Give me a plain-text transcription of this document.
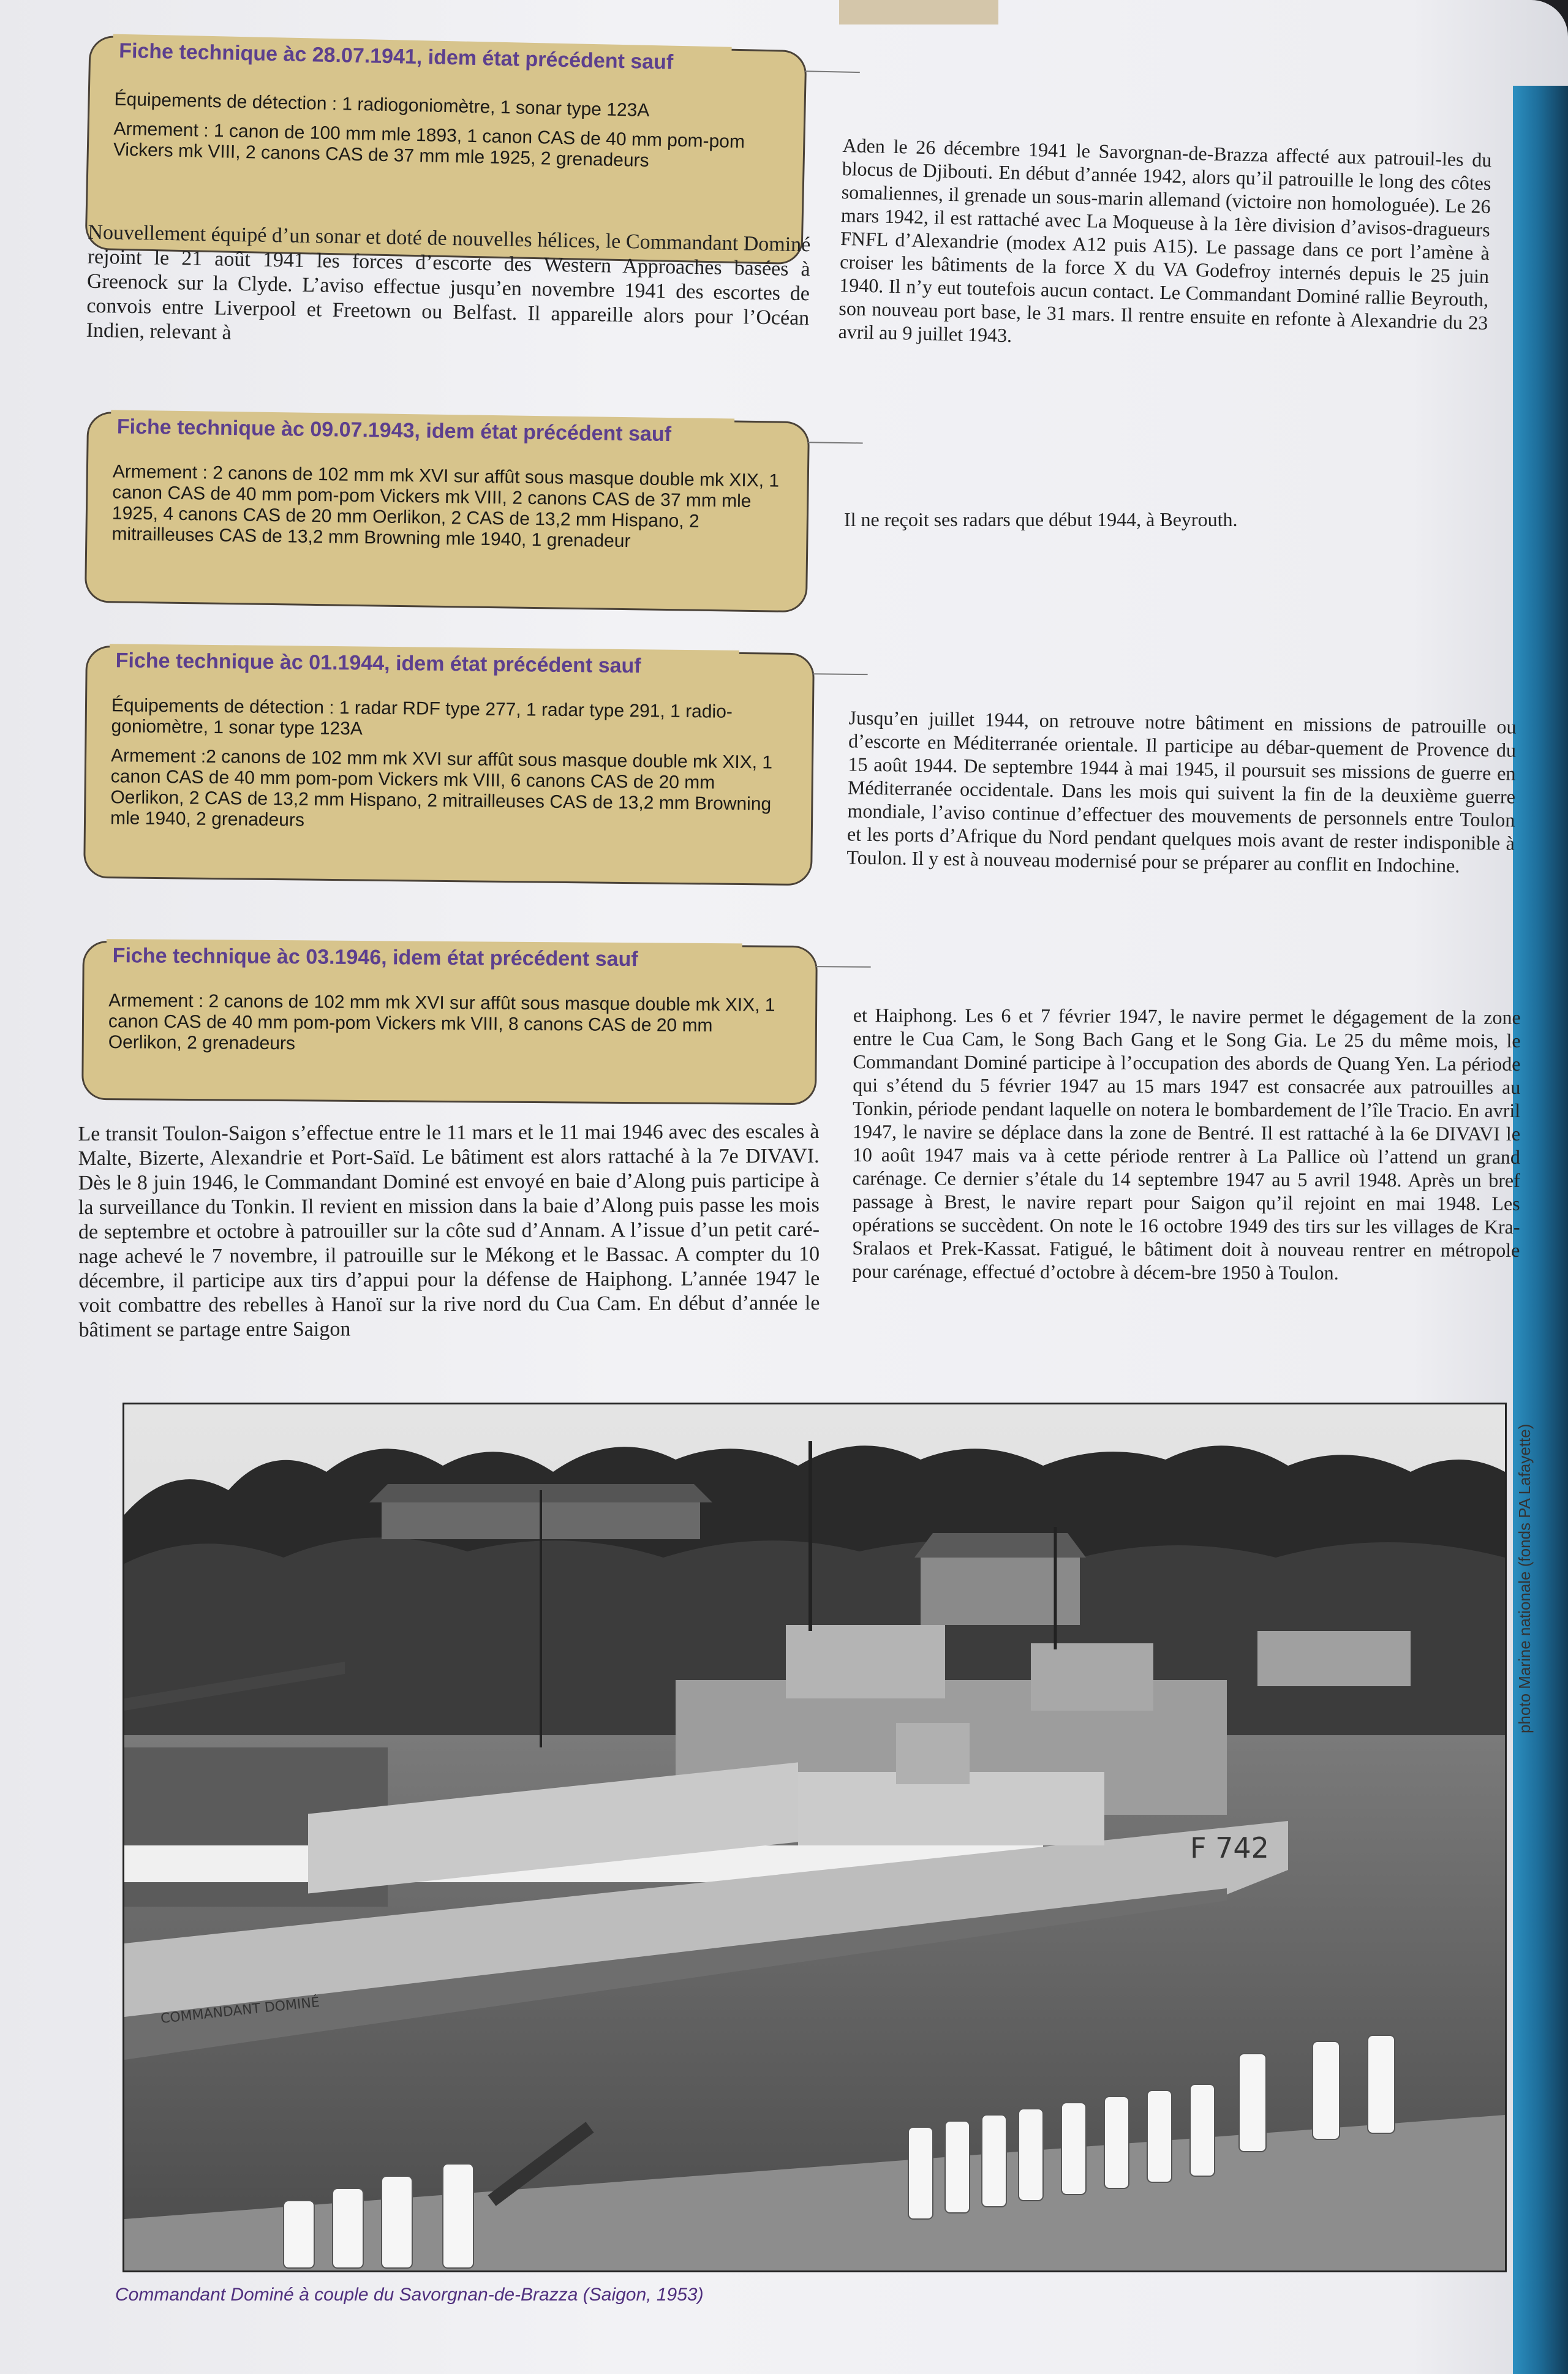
Fiche technique àc 28.07.1941, idem état précédent sauf

Équipements de détection : 1 radiogoniomètre, 1 sonar type 123A

Armement : 1 canon de 100 mm mle 1893, 1 canon CAS de 40 mm pom-pom Vickers mk VIII, 2 canons CAS de 37 mm mle 1925, 2 grenadeurs

Nouvellement équipé d’un sonar et doté de nouvelles hélices, le Commandant Dominé rejoint le 21 août 1941 les forces d’escorte des Western Approaches basées à Greenock sur la Clyde. L’aviso effectue jusqu’en novembre 1941 des escortes de convois entre Liverpool et Freetown ou Belfast. Il appareille alors pour l’Océan Indien, relevant à

Fiche technique àc 09.07.1943, idem état précédent sauf

Armement : 2 canons de 102 mm mk XVI sur affût sous masque double mk XIX, 1 canon CAS de 40 mm pom-pom Vickers mk VIII, 2 canons CAS de 37 mm mle 1925, 4 canons CAS de 20 mm Oerlikon, 2 CAS de 13,2 mm Hispano, 2 mitrailleuses CAS de 13,2 mm Browning mle 1940, 1 grenadeur

Fiche technique àc 01.1944, idem état précédent sauf

Équipements de détection : 1 radar RDF type 277, 1 radar type 291, 1 radio-goniomètre, 1 sonar type 123A

Armement :2 canons de 102 mm mk XVI sur affût sous masque double mk XIX, 1 canon CAS de 40 mm pom-pom Vickers mk VIII, 6 canons CAS de 20 mm Oerlikon, 2 CAS de 13,2 mm Hispano, 2 mitrailleuses CAS de 13,2 mm Browning mle 1940, 2 grenadeurs

Fiche technique àc 03.1946, idem état précédent sauf

Armement : 2 canons de 102 mm mk XVI sur affût sous masque double mk XIX, 1 canon CAS de 40 mm pom-pom Vickers mk VIII, 8 canons CAS de 20 mm Oerlikon, 2 grenadeurs

Le transit Toulon-Saigon s’effectue entre le 11 mars et le 11 mai 1946 avec des escales à Malte, Bizerte, Alexandrie et Port-Saïd. Le bâtiment est alors rattaché à la 7e DIVAVI. Dès le 8 juin 1946, le Commandant Dominé est envoyé en baie d’Along puis participe à la surveillance du Tonkin. Il revient en mission dans la baie d’Along puis passe les mois de septembre et octobre à patrouiller sur la côte sud d’Annam. A l’issue d’un petit caré-nage achevé le 7 novembre, il patrouille sur le Mékong et le Bassac. A compter du 10 décembre, il participe aux tirs d’appui pour la défense de Haiphong. L’année 1947 le voit combattre des rebelles à Hanoï sur la rive nord du Cua Cam. En début d’année le bâtiment se partage entre Saigon

Aden le 26 décembre 1941 le Savorgnan-de-Brazza affecté aux patrouil-les du blocus de Djibouti. En début d’année 1942, alors qu’il patrouille le long des côtes somaliennes, il grenade un sous-marin allemand (victoire non homologuée). Le 26 mars 1942, il est rattaché avec La Moqueuse à la 1ère division d’avisos-dragueurs FNFL d’Alexandrie (modex A12 puis A15). Le passage dans ce port l’amène à croiser les bâtiments de la force X du VA Godefroy internés depuis le 25 juin 1940. Il n’y eut toutefois aucun contact. Le Commandant Dominé rallie Beyrouth, son nouveau port base, le 31 mars. Il rentre ensuite en refonte à Alexandrie du 23 avril au 9 juillet 1943.

Il ne reçoit ses radars que début 1944, à Beyrouth.

Jusqu’en juillet 1944, on retrouve notre bâtiment en missions de patrouille ou d’escorte en Méditerranée orientale. Il participe au débar-quement de Provence du 15 août 1944. De septembre 1944 à mai 1945, il poursuit ses missions de guerre en Méditerranée occidentale. Dans les mois qui suivent la fin de la deuxième guerre mondiale, l’aviso continue d’effectuer des mouvements de personnels entre Toulon et les ports d’Afrique du Nord pendant quelques mois avant de rester indisponible à Toulon. Il y est à nouveau modernisé pour se préparer au conflit en Indochine.

et Haiphong. Les 6 et 7 février 1947, le navire permet le dégagement de la zone entre le Cua Cam, le Song Bach Gang et le Song Gia. Le 25 du même mois, le Commandant Dominé participe à l’occupation des abords de Quang Yen. La période qui s’étend du 5 février 1947 au 15 mars 1947 est consacrée aux patrouilles au Tonkin, période pendant laquelle on notera le bombardement de l’île Tracio. En avril 1947, le navire se déplace dans la zone de Bentré. Il est rattaché à la 6e DIVAVI le 10 août 1947 mais va à cette période rentrer à La Pallice où l’attend un grand carénage. Ce dernier s’étale du 14 septembre 1947 au 5 avril 1948. Après un bref passage à Brest, le navire repart pour Saigon qu’il rejoint en mai 1948. Les opérations se succèdent. On note le 16 octobre 1949 des tirs sur les villages de Kra-Sralaos et Prek-Kassat. Fatigué, le bâtiment doit à nouveau rentrer en métropole pour carénage, effectué d’octobre à décem-bre 1950 à Toulon.

F 742
COMMANDANT DOMINÉ
Commandant Dominé à couple du Savorgnan-de-Brazza (Saigon, 1953)
photo Marine nationale (fonds PA Lafayette)
